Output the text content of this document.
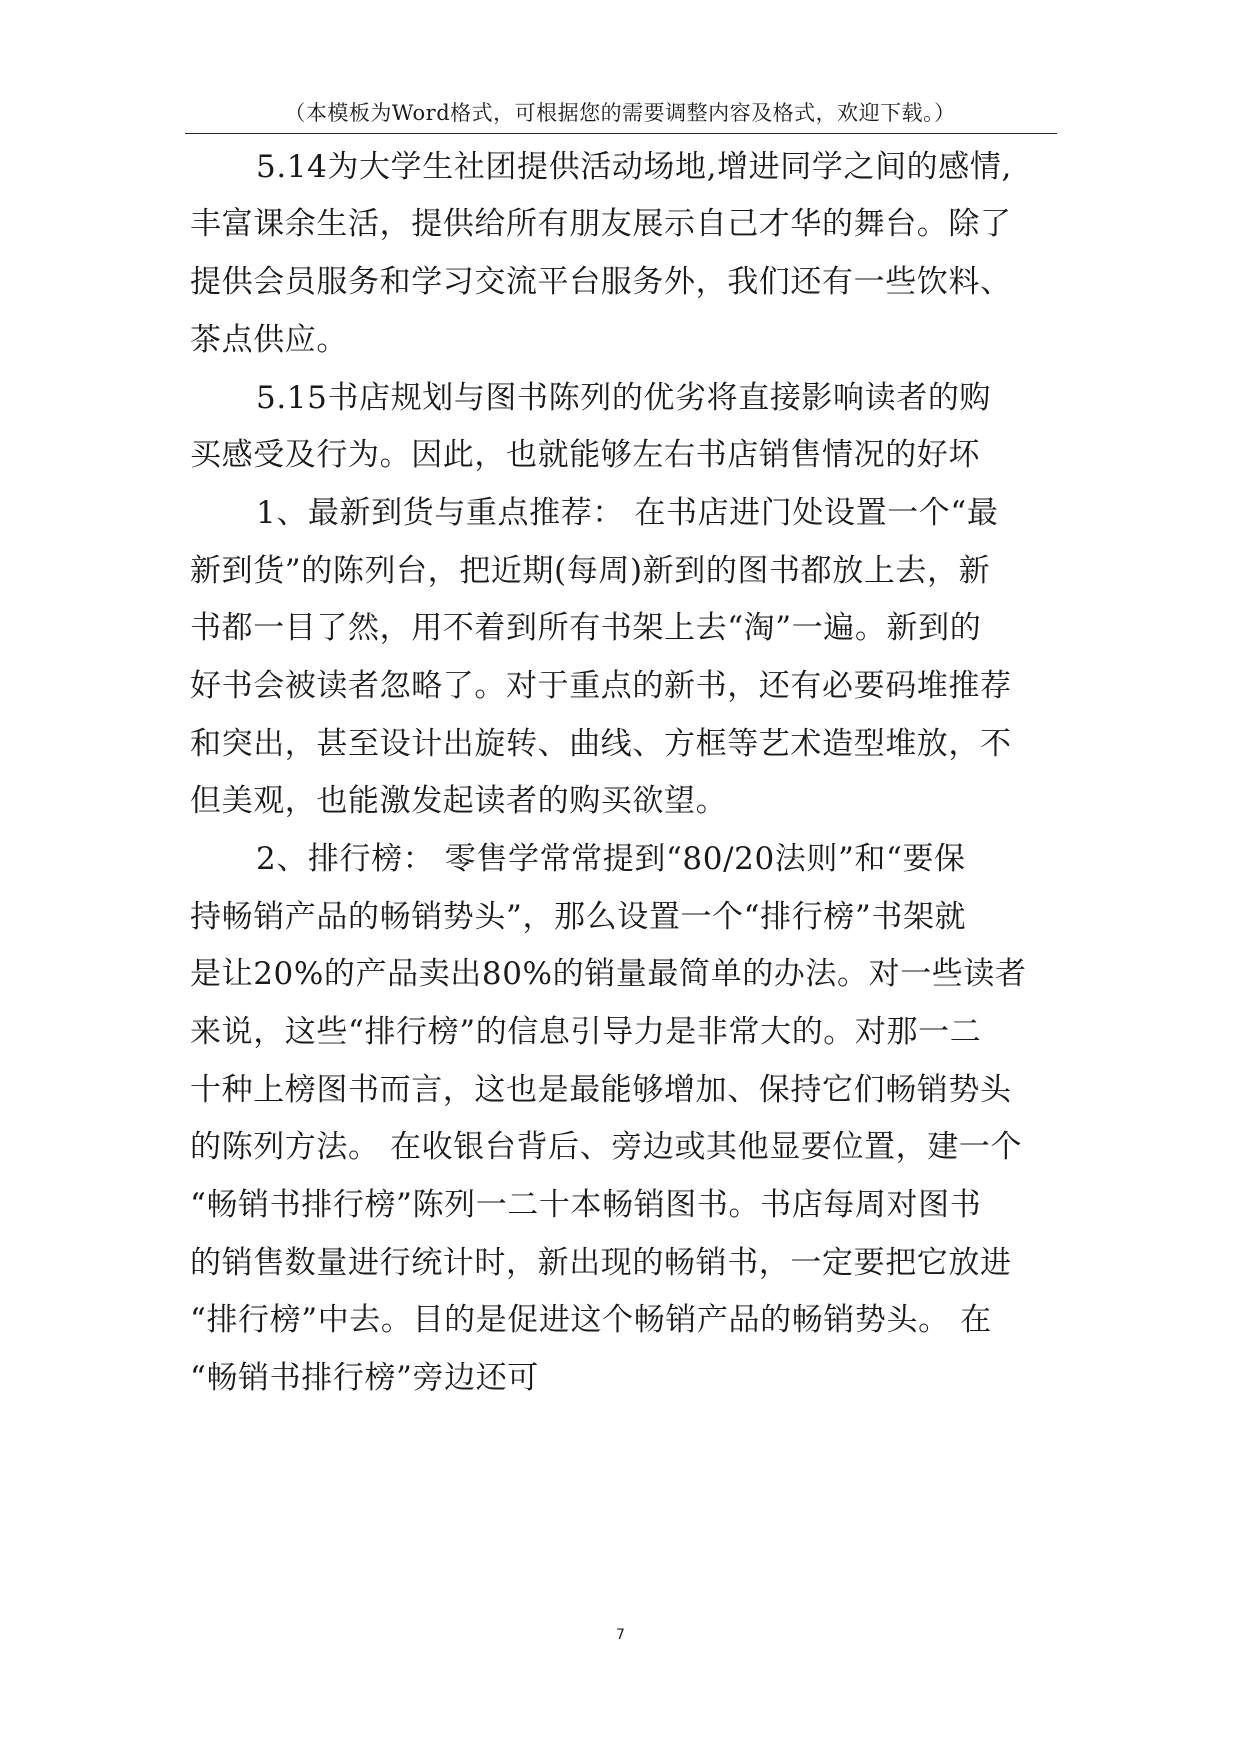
（本模板为Word格式，可根据您的需要调整内容及格式，欢迎下载。）
5.14为大学生社团提供活动场地,增进同学之间的感情,
丰富课余生活，提供给所有朋友展示自己才华的舞台。除了
提供会员服务和学习交流平台服务外，我们还有一些饮料、
茶点供应。
5.15书店规划与图书陈列的优劣将直接影响读者的购
买感受及行为。因此，也就能够左右书店销售情况的好坏
1、最新到货与重点推荐： 在书店进门处设置一个“最
新到货”的陈列台，把近期(每周)新到的图书都放上去，新
书都一目了然，用不着到所有书架上去“淘”一遍。新到的
好书会被读者忽略了。对于重点的新书，还有必要码堆推荐
和突出，甚至设计出旋转、曲线、方框等艺术造型堆放，不
但美观，也能激发起读者的购买欲望。
2、排行榜： 零售学常常提到“80/20法则”和“要保
持畅销产品的畅销势头”，那么设置一个“排行榜”书架就
是让20%的产品卖出80%的销量最简单的办法。对一些读者
来说，这些“排行榜”的信息引导力是非常大的。对那一二
十种上榜图书而言，这也是最能够增加、保持它们畅销势头
的陈列方法。 在收银台背后、旁边或其他显要位置，建一个
“畅销书排行榜”陈列一二十本畅销图书。书店每周对图书
的销售数量进行统计时，新出现的畅销书，一定要把它放进
“排行榜”中去。目的是促进这个畅销产品的畅销势头。 在
“畅销书排行榜”旁边还可
7
